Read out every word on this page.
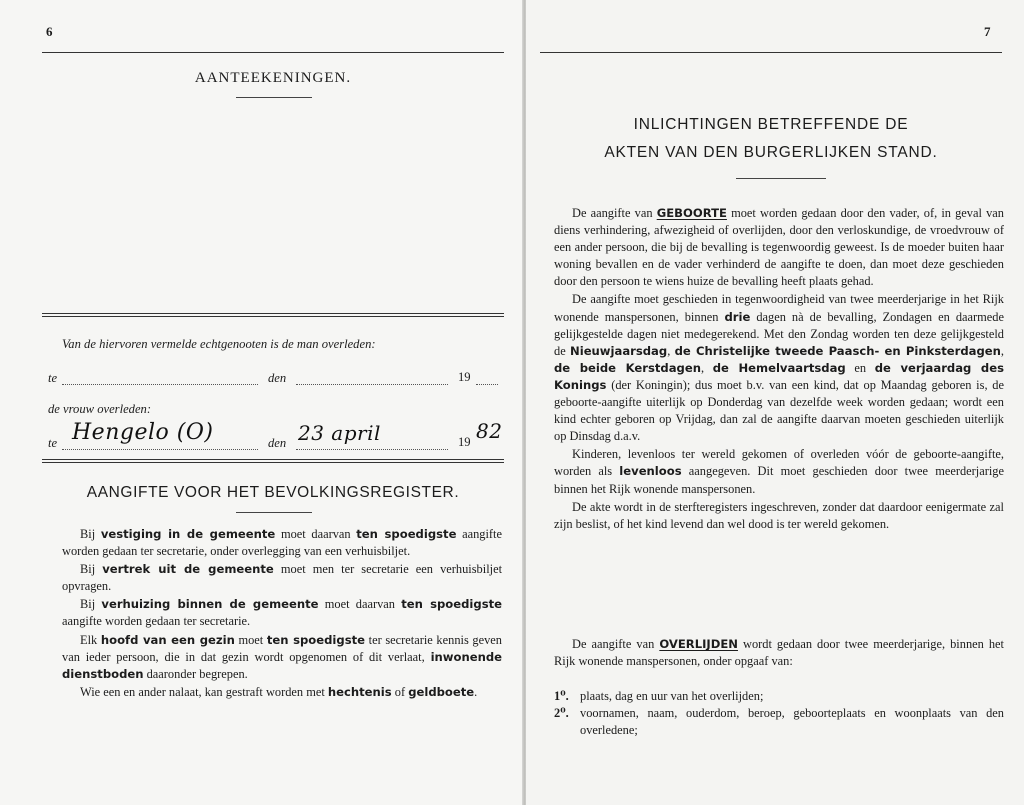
6
AANTEEKENINGEN.
Van de hiervoren vermelde echtgenooten is de man overleden:
te	den	19
de vrouw overleden:
te Hengelo (O)	den 23 april	19 82
AANGIFTE VOOR HET BEVOLKINGSREGISTER.

Bij vestiging in de gemeente moet daarvan ten spoedigste aangifte worden gedaan ter secretarie, onder overlegging van een verhuisbiljet.

Bij vertrek uit de gemeente moet men ter secretarie een verhuisbiljet opvragen.

Bij verhuizing binnen de gemeente moet daarvan ten spoedigste aangifte worden gedaan ter secretarie.

Elk hoofd van een gezin moet ten spoedigste ter secretarie kennis geven van ieder persoon, die in dat gezin wordt opgenomen of dit verlaat, inwonende dienstboden daaronder begrepen.

Wie een en ander nalaat, kan gestraft worden met hechtenis of geldboete.

7
INLICHTINGEN BETREFFENDE DE
AKTEN VAN DEN BURGERLIJKEN STAND.

De aangifte van GEBOORTE moet worden gedaan door den vader, of, in geval van diens verhindering, afwezigheid of overlijden, door den verloskundige, de vroedvrouw of een ander persoon, die bij de bevalling is tegenwoordig geweest. Is de moeder buiten haar woning bevallen en de vader verhinderd de aangifte te doen, dan moet deze geschieden door den persoon te wiens huize de bevalling heeft plaats gehad.

De aangifte moet geschieden in tegenwoordigheid van twee meerderjarige in het Rijk wonende manspersonen, binnen drie dagen nà de bevalling, Zondagen en daarmede gelijkgestelde dagen niet medegerekend. Met den Zondag worden ten deze gelijkgesteld de Nieuwjaarsdag, de Christelijke tweede Paasch- en Pinksterdagen, de beide Kerstdagen, de Hemelvaartsdag en de verjaardag des Konings (der Koningin); dus moet b.v. van een kind, dat op Maandag geboren is, de geboorte-aangifte uiterlijk op Donderdag van dezelfde week worden gedaan; wordt een kind echter geboren op Vrijdag, dan zal de aangifte daarvan moeten geschieden uiterlijk op Dinsdag d.a.v.

Kinderen, levenloos ter wereld gekomen of overleden vóór de geboorte-aangifte, worden als levenloos aangegeven. Dit moet geschieden door twee meerderjarige binnen het Rijk wonende manspersonen.

De akte wordt in de sterfteregisters ingeschreven, zonder dat daardoor eenigermate zal zijn beslist, of het kind levend dan wel dood is ter wereld gekomen.

De aangifte van OVERLIJDEN wordt gedaan door twee meerderjarige, binnen het Rijk wonende manspersonen, onder opgaaf van:

1⁰. plaats, dag en uur van het overlijden;
2⁰. voornamen, naam, ouderdom, beroep, geboorteplaats en woonplaats van den overledene;
